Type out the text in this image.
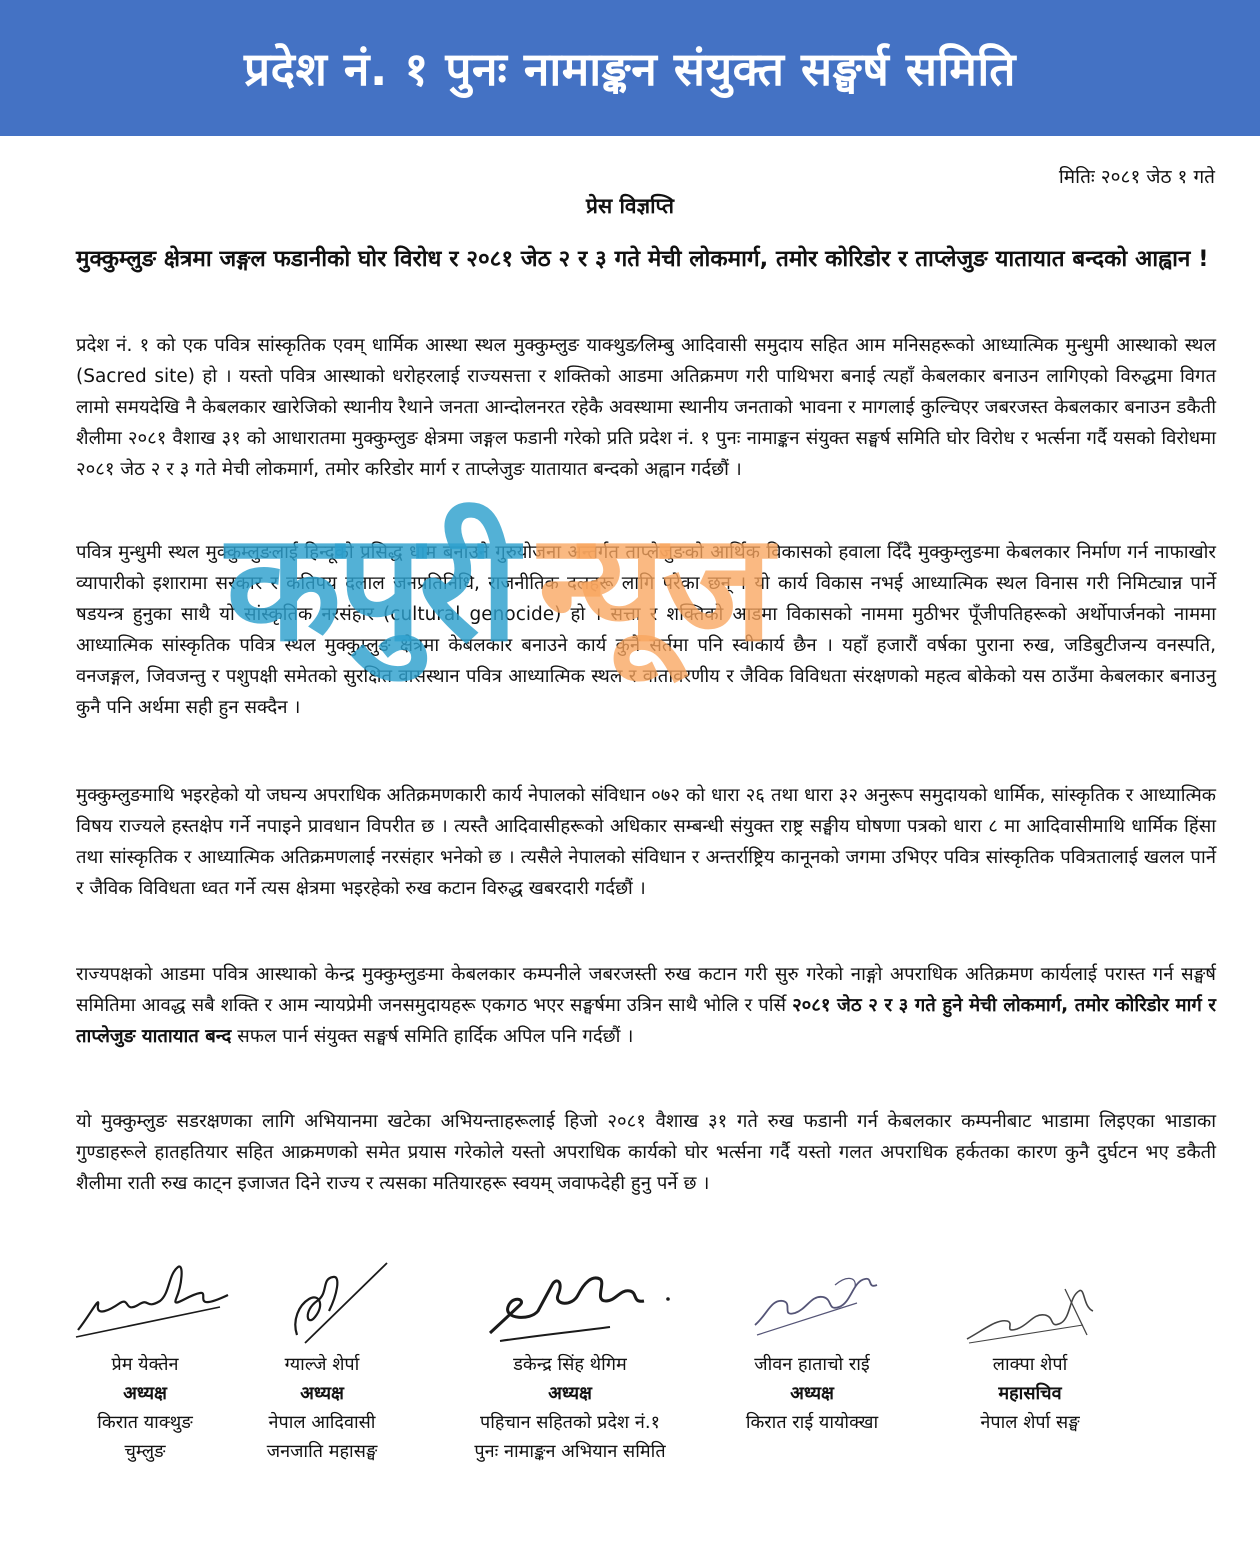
प्रदेश नं. १ पुनः नामाङ्कन संयुक्त सङ्घर्ष समिति
मितिः २०८१ जेठ १ गते
प्रेस विज्ञप्ति
मुक्कुम्लुङ क्षेत्रमा जङ्गल फडानीको घोर विरोध र २०८१ जेठ २ र ३ गते मेची लोकमार्ग, तमोर कोरिडोर र ताप्लेजुङ यातायात बन्दको आह्वान !

प्रदेश नं. १ को एक पवित्र सांस्कृतिक एवम् धार्मिक आस्था स्थल मुक्कुम्लुङ याक्थुङ⁄लिम्बु आदिवासी समुदाय सहित आम मनिसहरूको आध्यात्मिक मुन्धुमी आस्थाको स्थल (Sacred site) हो । यस्तो पवित्र आस्थाको धरोहरलाई राज्यसत्ता र शक्तिको आडमा अतिक्रमण गरी पाथिभरा बनाई त्यहाँ केबलकार बनाउन लागिएको विरुद्धमा विगत लामो समयदेखि नै केबलकार खारेजिको स्थानीय रैथाने जनता आन्दोलनरत रहेकै अवस्थामा स्थानीय जनताको भावना र मागलाई कुल्चिएर जबरजस्त केबलकार बनाउन डकैती शैलीमा २०८१ वैशाख ३१ को आधारातमा मुक्कुम्लुङ क्षेत्रमा जङ्गल फडानी गरेको प्रति प्रदेश नं. १ पुनः नामाङ्कन संयुक्त सङ्घर्ष समिति घोर विरोध र भर्त्सना गर्दै यसको विरोधमा २०८१ जेठ २ र ३ गते मेची लोकमार्ग, तमोर करिडोर मार्ग र ताप्लेजुङ यातायात बन्दको अह्वान गर्दछौं ।

पवित्र मुन्धुमी स्थल मुक्कुम्लुङलाई हिन्दूको प्रसिद्ध धाम बनाउने गुरुयोजना अन्तर्गत ताप्लेजुङको आर्थिक विकासको हवाला दिँदै मुक्कुम्लुङमा केबलकार निर्माण गर्न नाफाखोर व्यापारीको इशारामा सरकार र कतिपय दलाल जनप्रतिनिधि, राजनीतिक दलहरू लागि परेका छन् । यो कार्य विकास नभई आध्यात्मिक स्थल विनास गरी निमिट्यान्न पार्ने षडयन्त्र हुनुका साथै यो सांस्कृतिक नरसंहार (cultural genocide) हो । सत्ता र शक्तिको आडमा विकासको नाममा मुठीभर पूँजीपतिहरूको अर्थोपार्जनको नाममा आध्यात्मिक सांस्कृतिक पवित्र स्थल मुक्कुम्लुङ क्षेत्रमा केबलकार बनाउने कार्य कुनै सर्तमा पनि स्वीकार्य छैन । यहाँ हजारौं वर्षका पुराना रुख, जडिबुटीजन्य वनस्पति, वनजङ्गल, जिवजन्तु र पशुपक्षी समेतको सुरक्षित वासस्थान पवित्र आध्यात्मिक स्थल र वातावरणीय र जैविक विविधता संरक्षणको महत्व बोकेको यस ठाउँमा केबलकार बनाउनु कुनै पनि अर्थमा सही हुन सक्दैन ।

मुक्कुम्लुङमाथि भइरहेको यो जघन्य अपराधिक अतिक्रमणकारी कार्य नेपालको संविधान ०७२ को धारा २६ तथा धारा ३२ अनुरूप समुदायको धार्मिक, सांस्कृतिक र आध्यात्मिक विषय राज्यले हस्तक्षेप गर्ने नपाइने प्रावधान विपरीत छ । त्यस्तै आदिवासीहरूको अधिकार सम्बन्धी संयुक्त राष्ट्र सङ्घीय घोषणा पत्रको धारा ८ मा आदिवासीमाथि धार्मिक हिंसा तथा सांस्कृतिक र आध्यात्मिक अतिक्रमणलाई नरसंहार भनेको छ । त्यसैले नेपालको संविधान र अन्तर्राष्ट्रिय कानूनको जगमा उभिएर पवित्र सांस्कृतिक पवित्रतालाई खलल पार्ने र जैविक विविधता ध्वत गर्ने त्यस क्षेत्रमा भइरहेको रुख कटान विरुद्ध खबरदारी गर्दछौं ।

राज्यपक्षको आडमा पवित्र आस्थाको केन्द्र मुक्कुम्लुङमा केबलकार कम्पनीले जबरजस्ती रुख कटान गरी सुरु गरेको नाङ्गो अपराधिक अतिक्रमण कार्यलाई परास्त गर्न सङ्घर्ष समितिमा आवद्ध सबै शक्ति र आम न्यायप्रेमी जनसमुदायहरू एकगठ भएर सङ्घर्षमा उत्रिन साथै भोलि र पर्सि २०८१ जेठ २ र ३ गते हुने मेची लोकमार्ग, तमोर कोरिडोर मार्ग र ताप्लेजुङ यातायात बन्द सफल पार्न संयुक्त सङ्घर्ष समिति हार्दिक अपिल पनि गर्दछौं ।

यो मुक्कुम्लुङ सडरक्षणका लागि अभियानमा खटेका अभियन्ताहरूलाई हिजो २०८१ वैशाख ३१ गते रुख फडानी गर्न केबलकार कम्पनीबाट भाडामा लिइएका भाडाका गुण्डाहरूले हातहतियार सहित आक्रमणको समेत प्रयास गरेकोले यस्तो अपराधिक कार्यको घोर भर्त्सना गर्दै यस्तो गलत अपराधिक हर्कतका कारण कुनै दुर्घटन भए डकैती शैलीमा राती रुख काट्न इजाजत दिने राज्य र त्यसका मतियारहरू स्वयम् जवाफदेही हुनु पर्ने छ ।

कपुरी न्यूज
प्रेम येक्तेन
अध्यक्ष
किरात याक्थुङ
चुम्लुङ
ग्याल्जे शेर्पा
अध्यक्ष
नेपाल आदिवासी
जनजाति महासङ्घ
डकेन्द्र सिंह थेगिम
अध्यक्ष
पहिचान सहितको प्रदेश नं.१
पुनः नामाङ्कन अभियान समिति
जीवन हाताचो राई
अध्यक्ष
किरात राई यायोक्खा
लाक्पा शेर्पा
महासचिव
नेपाल शेर्पा सङ्घ
